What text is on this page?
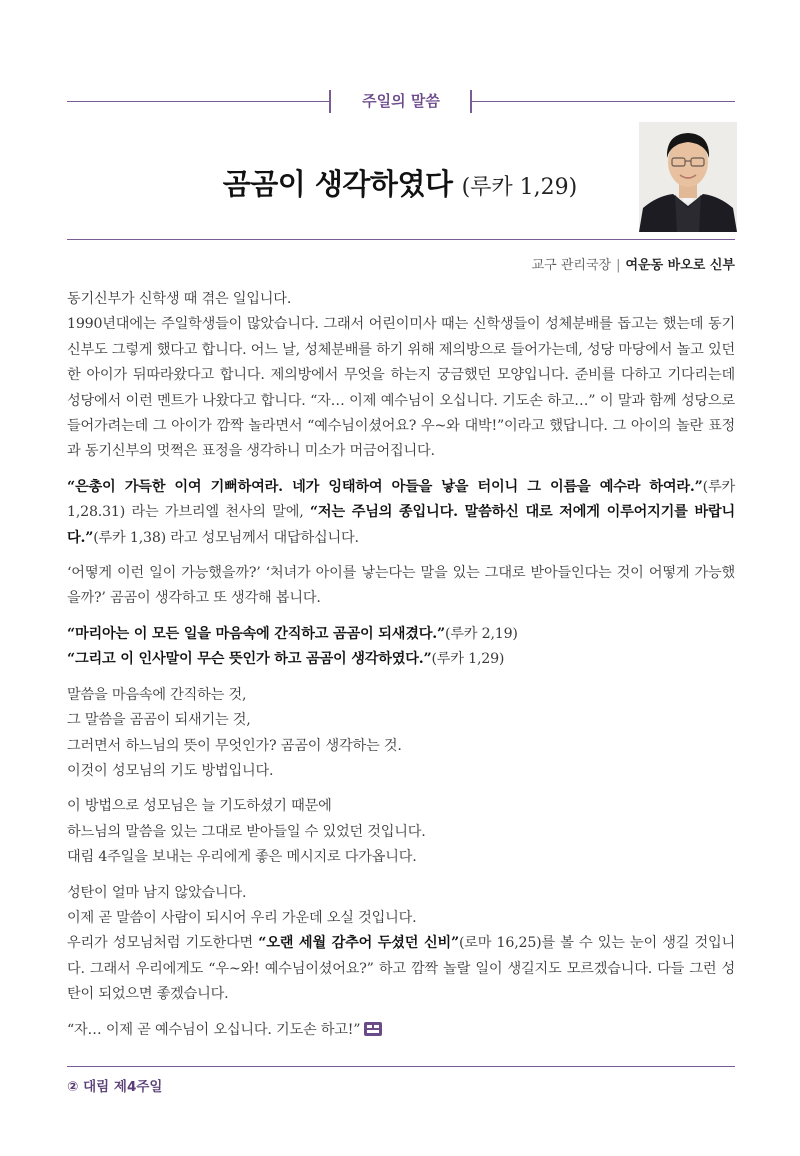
주일의 말씀
곰곰이 생각하였다 (루카 1,29)
교구 관리국장 | 여운동 바오로 신부

동기신부가 신학생 때 겪은 일입니다.
1990년대에는 주일학생들이 많았습니다. 그래서 어린이미사 때는 신학생들이 성체분배를 돕고는 했는데 동기신부도 그렇게 했다고 합니다. 어느 날, 성체분배를 하기 위해 제의방으로 들어가는데, 성당 마당에서 놀고 있던 한 아이가 뒤따라왔다고 합니다. 제의방에서 무엇을 하는지 궁금했던 모양입니다. 준비를 다하고 기다리는데 성당에서 이런 멘트가 나왔다고 합니다. “자… 이제 예수님이 오십니다. 기도손 하고…” 이 말과 함께 성당으로 들어가려는데 그 아이가 깜짝 놀라면서 “예수님이셨어요? 우~와 대박!”이라고 했답니다. 그 아이의 놀란 표정과 동기신부의 멋쩍은 표정을 생각하니 미소가 머금어집니다.

“은총이 가득한 이여 기뻐하여라. 네가 잉태하여 아들을 낳을 터이니 그 이름을 예수라 하여라.”(루카 1,28.31) 라는 가브리엘 천사의 말에, “저는 주님의 종입니다. 말씀하신 대로 저에게 이루어지기를 바랍니다.”(루카 1,38) 라고 성모님께서 대답하십니다.

‘어떻게 이런 일이 가능했을까?’ ‘처녀가 아이를 낳는다는 말을 있는 그대로 받아들인다는 것이 어떻게 가능했을까?’ 곰곰이 생각하고 또 생각해 봅니다.

“마리아는 이 모든 일을 마음속에 간직하고 곰곰이 되새겼다.”(루카 2,19)
“그리고 이 인사말이 무슨 뜻인가 하고 곰곰이 생각하였다.”(루카 1,29)

말씀을 마음속에 간직하는 것,
그 말씀을 곰곰이 되새기는 것,
그러면서 하느님의 뜻이 무엇인가? 곰곰이 생각하는 것.
이것이 성모님의 기도 방법입니다.

이 방법으로 성모님은 늘 기도하셨기 때문에
하느님의 말씀을 있는 그대로 받아들일 수 있었던 것입니다.
대림 4주일을 보내는 우리에게 좋은 메시지로 다가옵니다.

성탄이 얼마 남지 않았습니다.
이제 곧 말씀이 사람이 되시어 우리 가운데 오실 것입니다.
우리가 성모님처럼 기도한다면 “오랜 세월 감추어 두셨던 신비”(로마 16,25)를 볼 수 있는 눈이 생길 것입니다. 그래서 우리에게도 “우~와! 예수님이셨어요?” 하고 깜짝 놀랄 일이 생길지도 모르겠습니다. 다들 그런 성탄이 되었으면 좋겠습니다.

“자… 이제 곧 예수님이 오십니다. 기도손 하고!”

② 대림 제4주일
